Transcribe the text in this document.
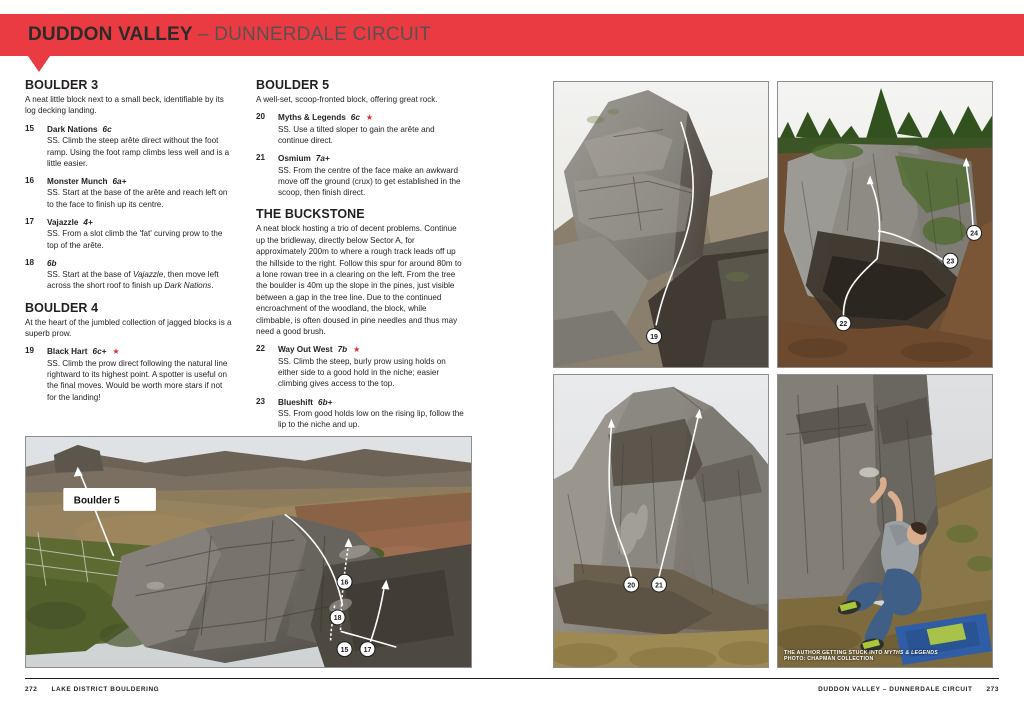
DUDDON VALLEY – DUNNERDALE CIRCUIT
BOULDER 3

A neat little block next to a small beck, identifiable by its log decking landing.

15 Dark Nations 6c
SS. Climb the steep arête direct without the foot ramp. Using the foot ramp climbs less well and is a little easier.
16 Monster Munch 6a+
SS. Start at the base of the arête and reach left on to the face to finish up its centre.
17 Vajazzle 4+
SS. From a slot climb the 'fat' curving prow to the top of the arête.
18 6b
SS. Start at the base of Vajazzle, then move left across the short roof to finish up Dark Nations.
BOULDER 4

At the heart of the jumbled collection of jagged blocks is a superb prow.

19 Black Hart 6c+ ★
SS. Climb the prow direct following the natural line rightward to its highest point. A spotter is useful on the final moves. Would be worth more stars if not for the landing!
BOULDER 5

A well-set, scoop-fronted block, offering great rock.

20 Myths & Legends 6c ★
SS. Use a tilted sloper to gain the arête and continue direct.
21 Osmium 7a+
SS. From the centre of the face make an awkward move off the ground (crux) to get established in the scoop, then finish direct.
THE BUCKSTONE

A neat block hosting a trio of decent problems. Continue up the bridleway, directly below Sector A, for approximately 200m to where a rough track leads off up the hillside to the right. Follow this spur for around 80m to a lone rowan tree in a clearing on the left. From the tree the boulder is 40m up the slope in the pines, just visible between a gap in the tree line. Due to the continued encroachment of the woodland, the block, while climbable, is often doused in pine needles and thus may need a good brush.

22 Way Out West 7b ★
SS. Climb the steep, burly prow using holds on either side to a good hold in the niche; easier climbing gives access to the top.
23 Blueshift 6b+
SS. From good holds low on the rising lip, follow the lip to the niche and up.
19
22
23
24
20	21
THE AUTHOR GETTING STUCK INTO MYTHS & LEGENDS
PHOTO: CHAPMAN COLLECTION
Boulder 5
16
15
18
17
272 LAKE DISTRICT BOULDERING	DUDDON VALLEY – DUNNERDALE CIRCUIT 273
